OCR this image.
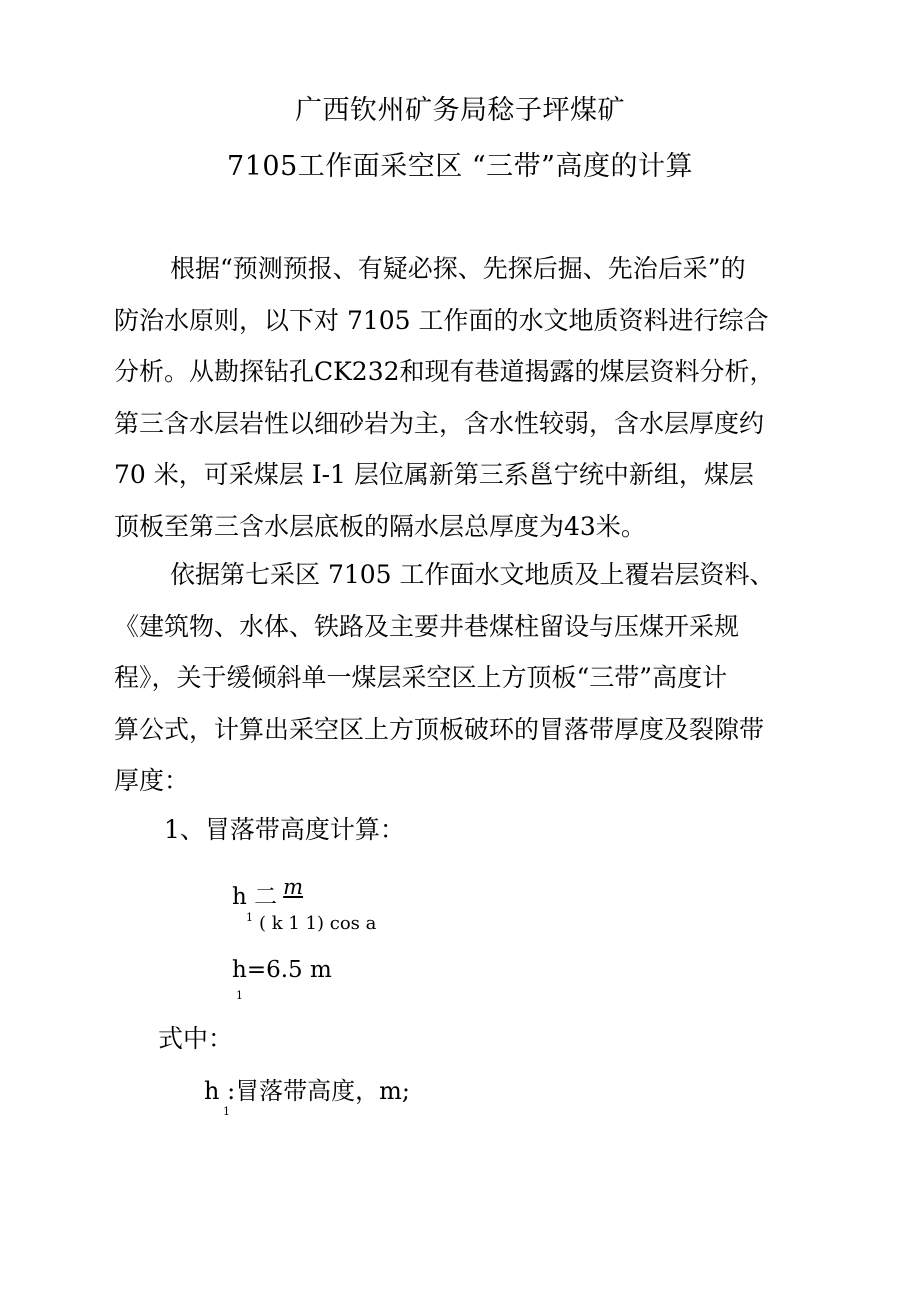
广西钦州矿务局稔子坪煤矿
7105工作面采空区 “三带”高度的计算
根据“预测预报、有疑必探、先探后掘、先治后采”的
防治水原则，以下对 7105 工作面的水文地质资料进行综合
分析。从勘探钻孔CK232和现有巷道揭露的煤层资料分析，
第三含水层岩性以细砂岩为主，含水性较弱，含水层厚度约
70 米，可采煤层 I-1 层位属新第三系邕宁统中新组，煤层
顶板至第三含水层底板的隔水层总厚度为43米。
依据第七采区 7105 工作面水文地质及上覆岩层资料、
《建筑物、水体、铁路及主要井巷煤柱留设与压煤开采规
程》，关于缓倾斜单一煤层采空区上方顶板“三带”高度计
算公式，计算出采空区上方顶板破环的冒落带厚度及裂隙带
厚度：
1、冒落带高度计算：
h 二 m
$^1$ ( k 1 1) cos a
h=6.5 m
1
式中：
h :冒落带高度，m;
1
